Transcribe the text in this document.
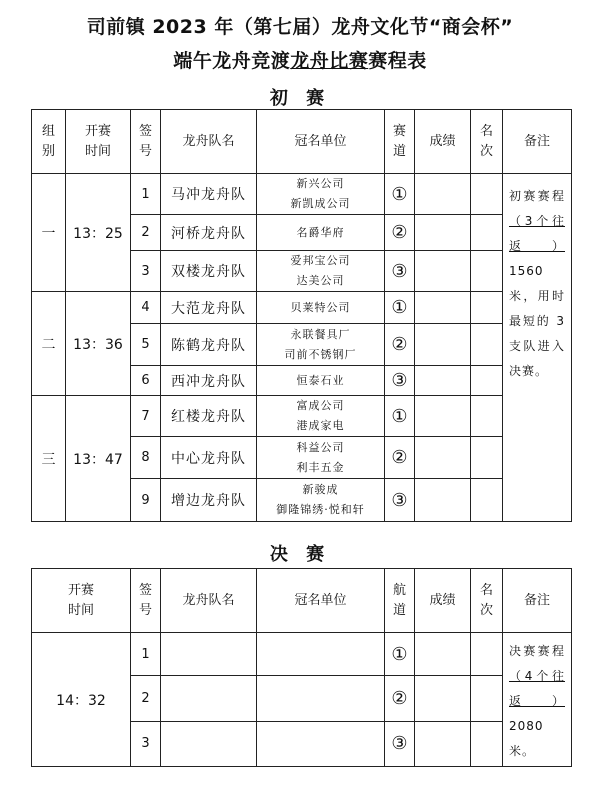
司前镇 2023 年（第七届）龙舟文化节“商会杯”
端午龙舟竞渡龙舟比赛赛程表
初 赛
组别	开赛时间	签号	龙舟队名	冠名单位	赛道	成绩	名次	备注
一	13：25	1	马冲龙舟队	新兴公司
新凯成公司	①			初赛赛程（3个往返）1560米，用时最短的 3 支队进入决赛。
		2	河桥龙舟队	名爵华府	②			
		3	双楼龙舟队	爱邦宝公司
达美公司	③			
二	13：36	4	大范龙舟队	贝莱特公司	①			
		5	陈鹤龙舟队	永联餐具厂
司前不锈钢厂	②			
		6	西冲龙舟队	恒泰石业	③			
三	13：47	7	红楼龙舟队	富成公司
港成家电	①			
		8	中心龙舟队	科益公司
利丰五金	②			
		9	增边龙舟队	新骏成
御隆锦绣·悦和轩	③			
决 赛
开赛时间	签号	龙舟队名	冠名单位	航道	成绩	名次	备注
14：32	1			①			决赛赛程（4个往返）2080米。
	2			②			
	3			③			
